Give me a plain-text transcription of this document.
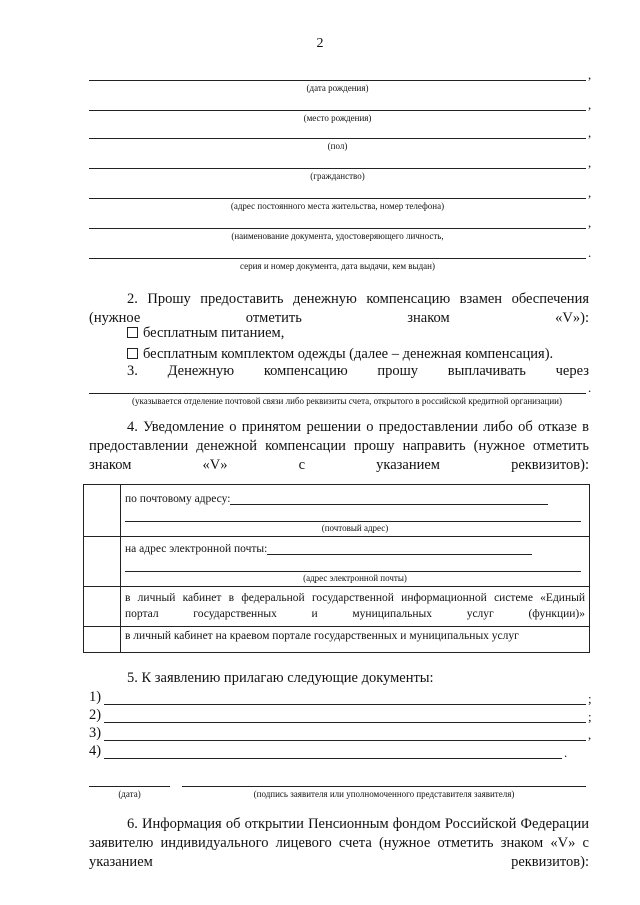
2
,
(дата рождения)
,
(место рождения)
,
(пол)
,
(гражданство)
,
(адрес постоянного места жительства, номер телефона)
,
(наименование документа, удостоверяющего личность,
.
серия и номер документа, дата выдачи, кем выдан)
2. Прошу предоставить денежную компенсацию взамен обеспечения (нужное отметить знаком «V»):
бесплатным питанием,
бесплатным комплектом одежды (далее – денежная компенсация).
3. Денежную компенсацию прошу выплачивать через
.
(указывается отделение почтовой связи либо реквизиты счета, открытого в российской кредитной организации)
4. Уведомление о принятом решении о предоставлении либо об отказе в предоставлении денежной компенсации прошу направить (нужное отметить знаком «V» с указанием реквизитов):

	по почтовому адресу:
(почтовый адрес)

	на адрес электронной почты:
(адрес электронной почты)

	в личный кабинет в федеральной государственной информационной системе «Единый портал государственных и муниципальных услуг (функции)»

	в личный кабинет на краевом портале государственных и муниципальных услуг
5. К заявлению прилагаю следующие документы:
1)	;
2)	;
3)	,
4)	.
(дата)	(подпись заявителя или уполномоченного представителя заявителя)
6. Информация об открытии Пенсионным фондом Российской Федерации заявителю индивидуального лицевого счета (нужное отметить знаком «V» с указанием реквизитов):
